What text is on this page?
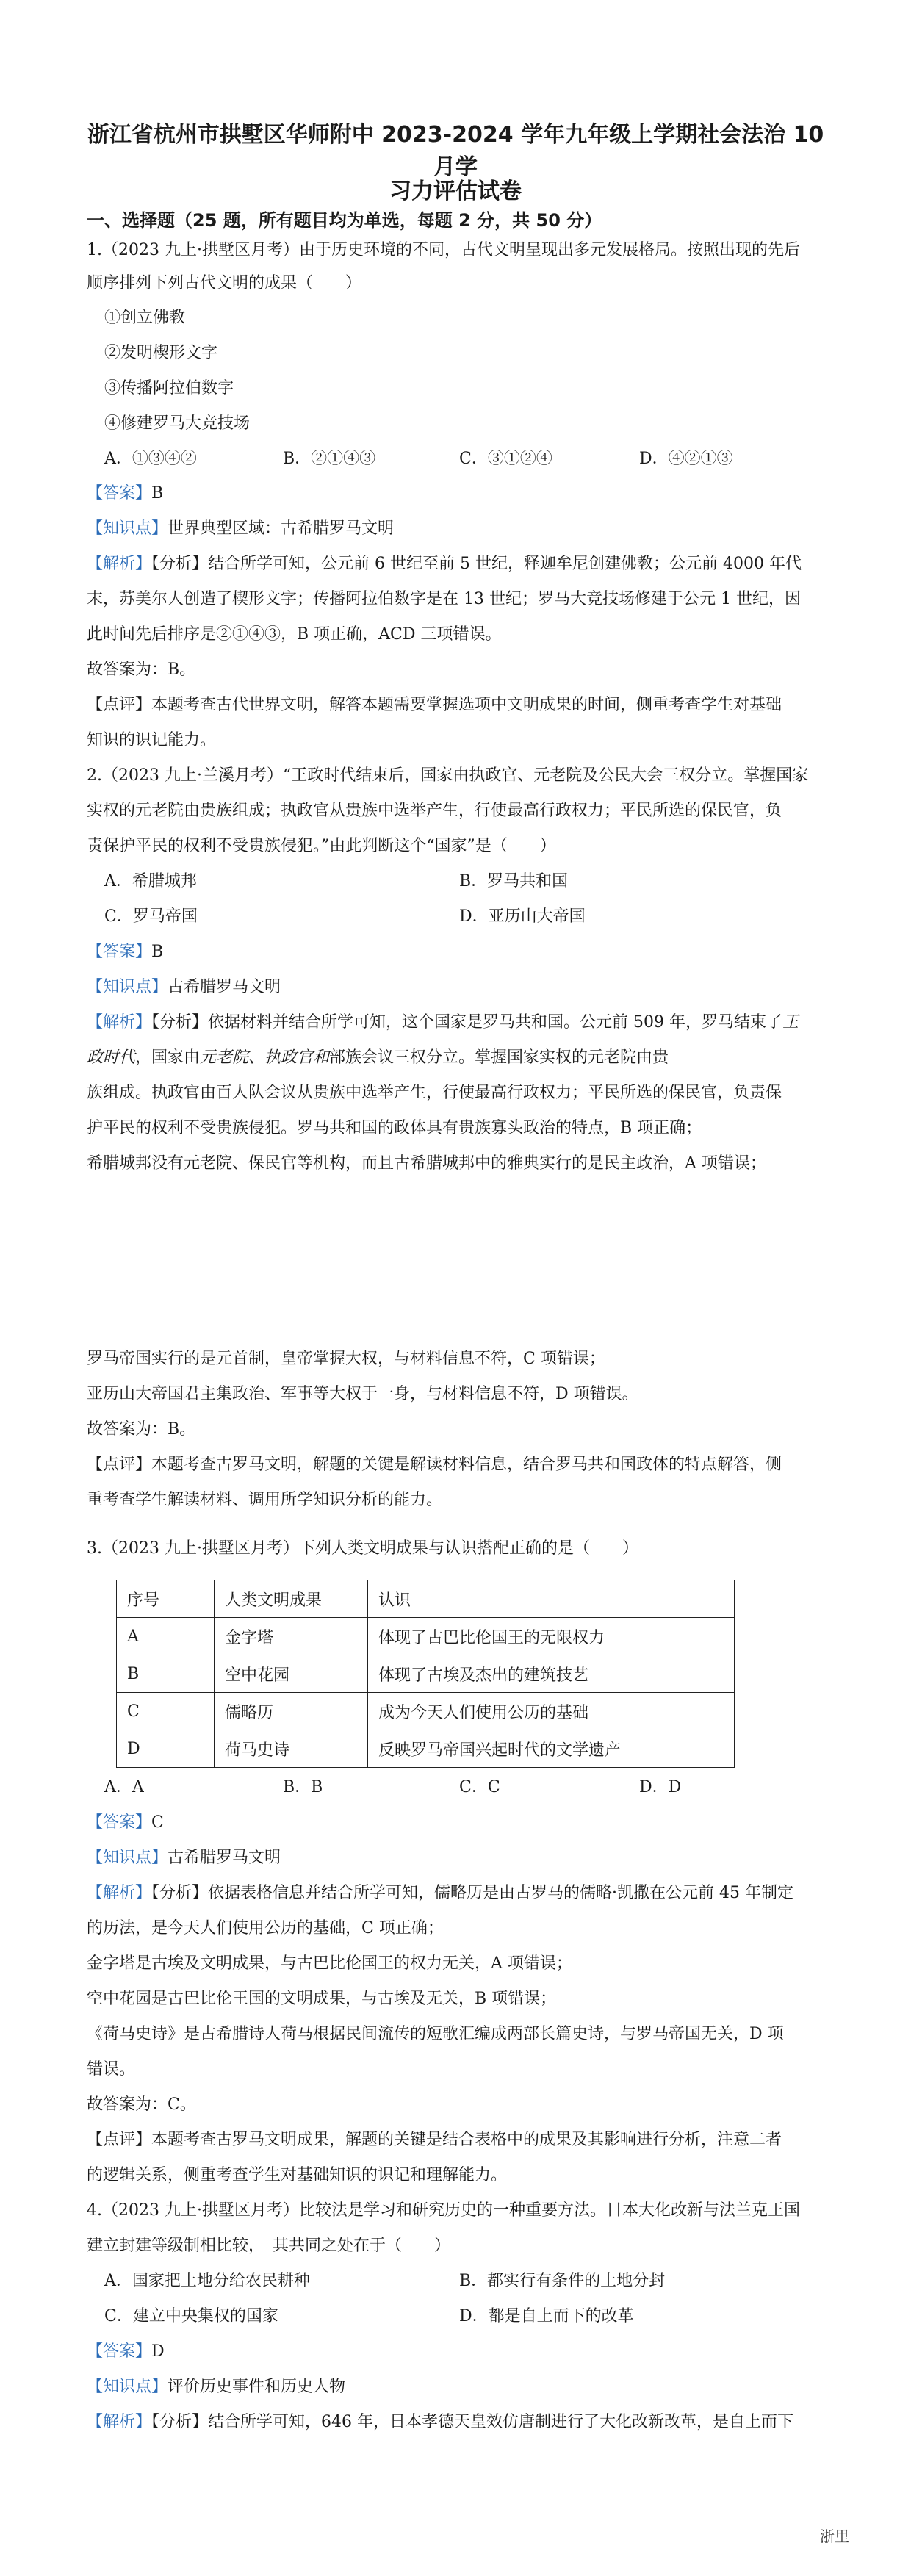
浙江省杭州市拱墅区华师附中 2023-2024 学年九年级上学期社会法治 10 月学
习力评估试卷
一、选择题（25 题，所有题目均为单选，每题 2 分，共 50 分）
1.（2023 九上·拱墅区月考）由于历史环境的不同，古代文明呈现出多元发展格局。按照出现的先后
顺序排列下列古代文明的成果（　　）
①创立佛教
②发明楔形文字
③传播阿拉伯数字
④修建罗马大竞技场
A．①③④②	B．②①④③	C．③①②④	D．④②①③
【答案】B
【知识点】世界典型区域：古希腊罗马文明
【解析】【分析】结合所学可知，公元前 6 世纪至前 5 世纪，释迦牟尼创建佛教；公元前 4000 年代
末，苏美尔人创造了楔形文字；传播阿拉伯数字是在 13 世纪；罗马大竞技场修建于公元 1 世纪，因
此时间先后排序是②①④③，B 项正确，ACD 三项错误。
故答案为：B。
【点评】本题考查古代世界文明，解答本题需要掌握选项中文明成果的时间，侧重考查学生对基础
知识的识记能力。
2.（2023 九上·兰溪月考）“王政时代结束后，国家由执政官、元老院及公民大会三权分立。掌握国家
实权的元老院由贵族组成；执政官从贵族中选举产生，行使最高行政权力；平民所选的保民官，负
责保护平民的权利不受贵族侵犯。”由此判断这个“国家”是（　　）
A．希腊城邦	B．罗马共和国
C．罗马帝国	D．亚历山大帝国
【答案】B
【知识点】古希腊罗马文明
【解析】【分析】依据材料并结合所学可知，这个国家是罗马共和国。公元前 509 年，罗马结束了王
政时代，国家由元老院、执政官和部族会议三权分立。掌握国家实权的元老院由贵
族组成。执政官由百人队会议从贵族中选举产生，行使最高行政权力；平民所选的保民官，负责保
护平民的权利不受贵族侵犯。罗马共和国的政体具有贵族寡头政治的特点，B 项正确；
希腊城邦没有元老院、保民官等机构，而且古希腊城邦中的雅典实行的是民主政治，A 项错误；
罗马帝国实行的是元首制，皇帝掌握大权，与材料信息不符，C 项错误；
亚历山大帝国君主集政治、军事等大权于一身，与材料信息不符，D 项错误。
故答案为：B。
【点评】本题考查古罗马文明，解题的关键是解读材料信息，结合罗马共和国政体的特点解答，侧
重考查学生解读材料、调用所学知识分析的能力。
3.（2023 九上·拱墅区月考）下列人类文明成果与认识搭配正确的是（　　）
序号	人类文明成果	认识
A	金字塔	体现了古巴比伦国王的无限权力
B	空中花园	体现了古埃及杰出的建筑技艺
C	儒略历	成为今天人们使用公历的基础
D	荷马史诗	反映罗马帝国兴起时代的文学遗产
A．A	B．B	C．C	D．D
【答案】C
【知识点】古希腊罗马文明
【解析】【分析】依据表格信息并结合所学可知，儒略历是由古罗马的儒略·凯撒在公元前 45 年制定
的历法，是今天人们使用公历的基础，C 项正确；
金字塔是古埃及文明成果，与古巴比伦国王的权力无关，A 项错误；
空中花园是古巴比伦王国的文明成果，与古埃及无关，B 项错误；
《荷马史诗》是古希腊诗人荷马根据民间流传的短歌汇编成两部长篇史诗，与罗马帝国无关，D 项
错误。
故答案为：C。
【点评】本题考查古罗马文明成果，解题的关键是结合表格中的成果及其影响进行分析，注意二者
的逻辑关系，侧重考查学生对基础知识的识记和理解能力。
4.（2023 九上·拱墅区月考）比较法是学习和研究历史的一种重要方法。日本大化改新与法兰克王国
建立封建等级制相比较，　其共同之处在于（　　）
A．国家把土地分给农民耕种	B．都实行有条件的土地分封
C．建立中央集权的国家	D．都是自上而下的改革
【答案】D
【知识点】评价历史事件和历史人物
【解析】【分析】结合所学可知，646 年，日本孝德天皇效仿唐制进行了大化改新改革，是自上而下
浙里
